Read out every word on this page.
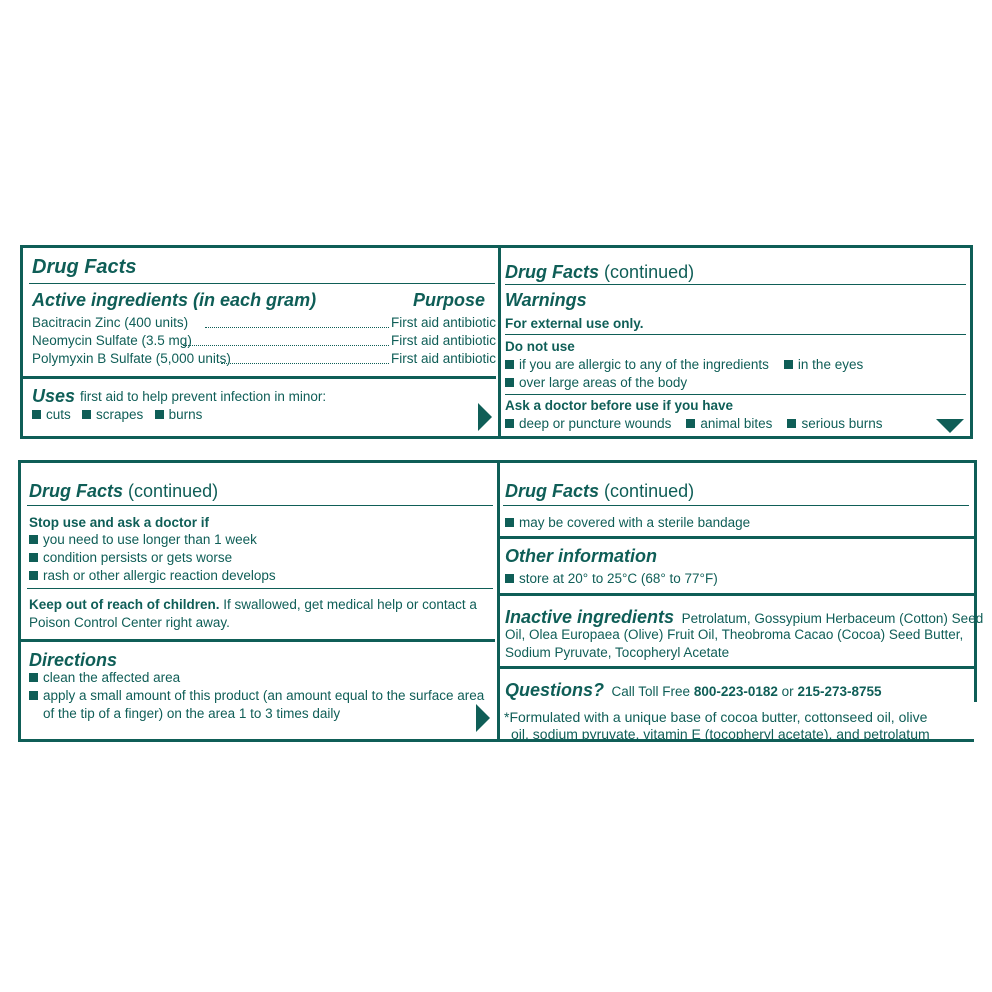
Drug Facts
Active ingredients (in each gram)	Purpose
Bacitracin Zinc (400 units)	First aid antibiotic
Neomycin Sulfate (3.5 mg)	First aid antibiotic
Polymyxin B Sulfate (5,000 units)	First aid antibiotic
Uses first aid to help prevent infection in minor:
cuts scrapes burns
Drug Facts (continued)
Warnings
For external use only.
Do not use
if you are allergic to any of the ingredients in the eyes
over large areas of the body
Ask a doctor before use if you have
deep or puncture wounds animal bites serious burns
Drug Facts (continued)
Stop use and ask a doctor if
you need to use longer than 1 week
condition persists or gets worse
rash or other allergic reaction develops
Keep out of reach of children. If swallowed, get medical help or contact a
Poison Control Center right away.
Directions
clean the affected area
apply a small amount of this product (an amount equal to the surface area
of the tip of a finger) on the area 1 to 3 times daily
Drug Facts (continued)
may be covered with a sterile bandage
Other information
store at 20° to 25°C (68° to 77°F)
Inactive ingredients Petrolatum, Gossypium Herbaceum (Cotton) Seed
Oil, Olea Europaea (Olive) Fruit Oil, Theobroma Cacao (Cocoa) Seed Butter,
Sodium Pyruvate, Tocopheryl Acetate
Questions? Call Toll Free 800-223-0182 or 215-273-8755
*Formulated with a unique base of cocoa butter, cottonseed oil, olive
oil, sodium pyruvate, vitamin E (tocopheryl acetate), and petrolatum
